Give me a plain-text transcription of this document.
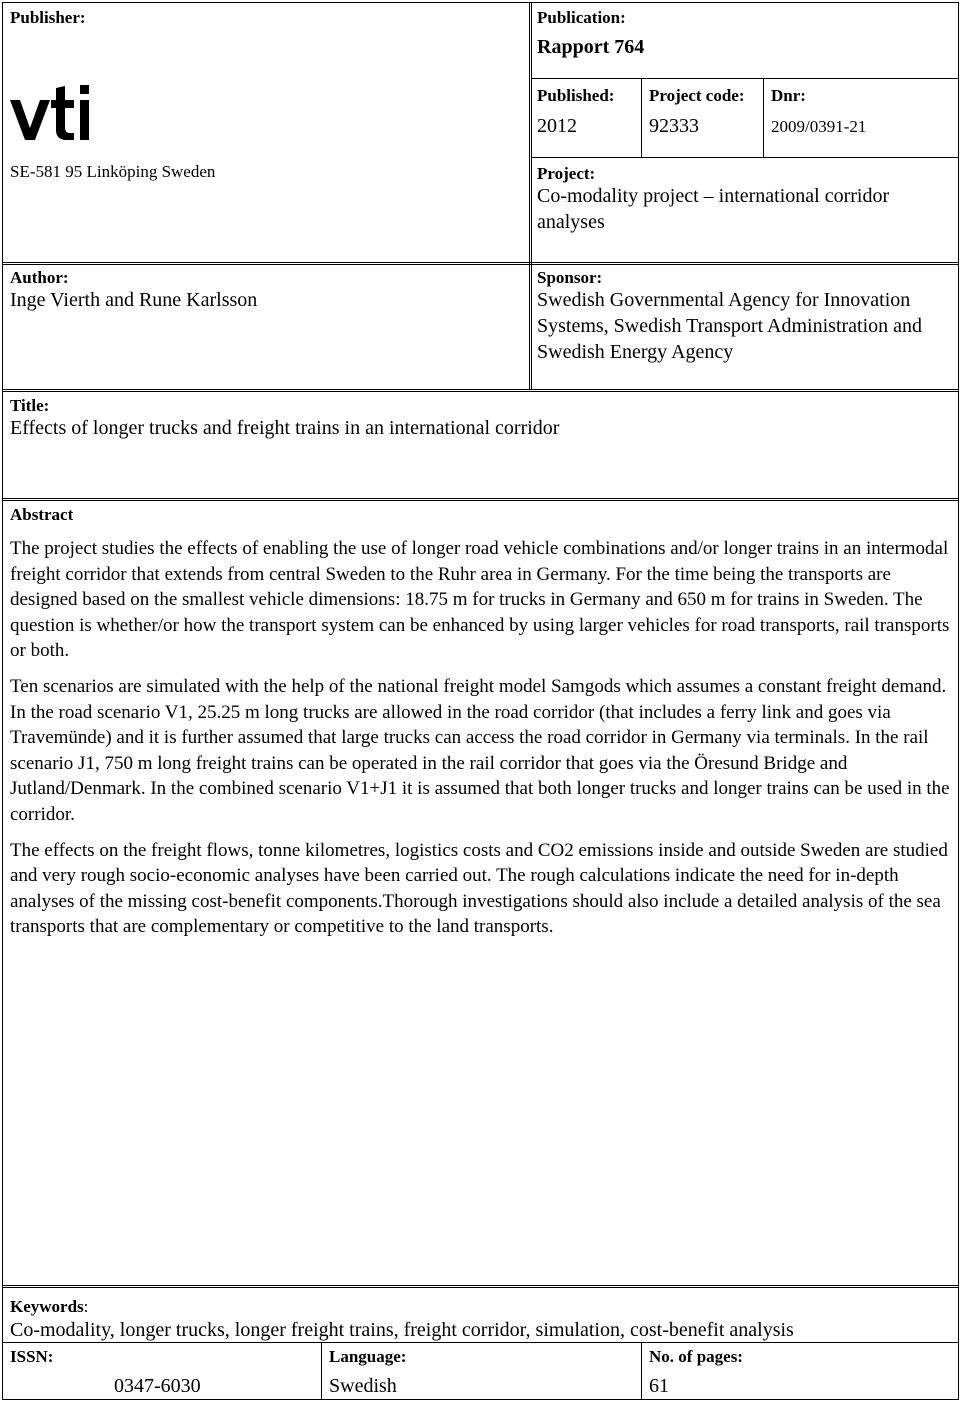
Publisher:
SE-581 95 Linköping Sweden
Publication:
Rapport 764
Published:
2012
Project code:
92333
Dnr:
2009/0391-21
Project:
Co-modality project – international corridor analyses
Author:
Inge Vierth and Rune Karlsson
Sponsor:
Swedish Governmental Agency for Innovation Systems, Swedish Transport Administration and Swedish Energy Agency
Title:
Effects of longer trucks and freight trains in an international corridor
Abstract

The project studies the effects of enabling the use of longer road vehicle combinations and/or longer trains in an intermodal freight corridor that extends from central Sweden to the Ruhr area in Germany. For the time being the transports are designed based on the smallest vehicle dimensions: 18.75 m for trucks in Germany and 650 m for trains in Sweden. The question is whether/or how the transport system can be enhanced by using larger vehicles for road transports, rail transports or both.

Ten scenarios are simulated with the help of the national freight model Samgods which assumes a constant freight demand. In the road scenario V1, 25.25 m long trucks are allowed in the road corridor (that includes a ferry link and goes via Travemünde) and it is further assumed that large trucks can access the road corridor in Germany via terminals. In the rail scenario J1, 750 m long freight trains can be operated in the rail corridor that goes via the Öresund Bridge and Jutland/Denmark. In the combined scenario V1+J1 it is assumed that both longer trucks and longer trains can be used in the corridor.

The effects on the freight flows, tonne kilometres, logistics costs and CO2 emissions inside and outside Sweden are studied and very rough socio-economic analyses have been carried out. The rough calculations indicate the need for in-depth analyses of the missing cost-benefit components.Thorough investigations should also include a detailed analysis of the sea transports that are complementary or competitive to the land transports.

Keywords:
Co-modality, longer trucks, longer freight trains, freight corridor, simulation, cost-benefit analysis
ISSN:
0347-6030
Language:
Swedish
No. of pages:
61
